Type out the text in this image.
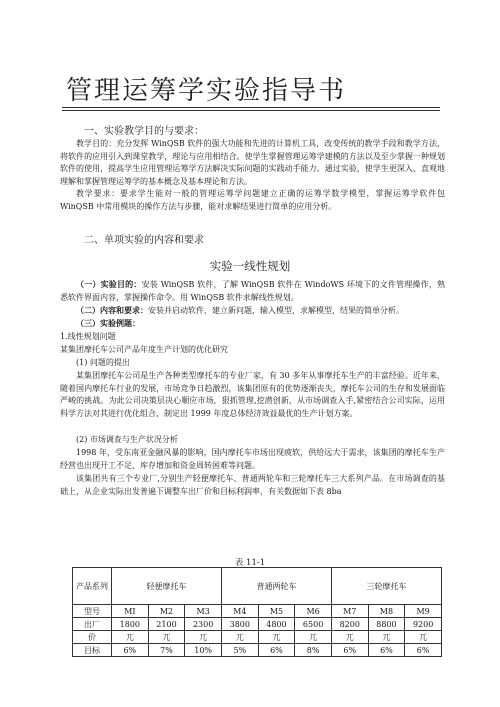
管理运筹学实验指导书

一、实验教学目的与要求：

教学目的：充分发挥 WinQSB 软件的强大功能和先进的计算机工具，改变传统的教学手段和教学方法，将软件的应用引入到课堂教学，理论与应用相结合。使学生掌握管理运筹学建模的方法以及至少掌握一种规划软件的使用，提高学生应用管理运筹学方法解决实际问题的实践动手能力。通过实验，使学生更深入、直观地理解和掌握管理运筹学的基本概念及基本理论和方法。

教学要求：要求学生能对一般的管理运筹学问题建立正确的运筹学数学模型，掌握运筹学软件包 WinQSB 中常用模块的操作方法与步骤，能对求解结果进行简单的应用分析。

二、单项实验的内容和要求

实验一线性规划

（一）实验目的：安装 WinQSB 软件，了解 WinQSB 软件在 WindoWS 环境下的文件管理操作，熟悉软件界面内容，掌握操作命令。用 WinQSB 软件求解线性规划。

（二）内容和要求：安装并启动软件，建立新问题，输入模型，求解模型，结果的简单分析。

（三）实验例题：

1.线性规划问题

某集团摩托车公司产品年度生产计划的优化研究

(1) 问题的提出

某集团摩托车公司是生产各种类型摩托车的专业厂家，有 30 多年从事摩托车生产的丰富经验。近年来，随着国内摩托车行业的发展，市场竞争日趋激烈，该集团原有的优势逐渐丧失，摩托车公司的生存和发展面临严峻的挑战。为此公司决策层决心顺应市场，狠抓管理,挖潜创新，从市场调查入手,紧密结合公司实际，运用科学方法对其进行优化组合，制定出 1999 年度总体经济效益最优的生产计划方案。

(2) 市场调查与生产状况分析

1998 年，受东南亚金融风暴的影响，国内摩托车市场出现疲软，供给远大于需求，该集团的摩托车生产经营也出现开工不足、库存增加和资金周转困难等问题。

该集团共有三个专业厂,分别生产轻便摩托车、普通两轮车和三轮摩托车三大系列产品。在市场调查的基础上，从企业实际出发普遍下调整车出厂价和目标利润率，有关数据如下表 8ba

表 11-1

产品系列	轻便摩托车			普通两轮车			三轮摩托车		
型号	MI	M2	M3	M4	M5	M6	M7	M8	M9
出厂	1800	2100	2300	3800	4800	6500	8200	8800	9200
价	兀	兀	兀	兀	兀	兀	兀	兀	兀
目标	6%	7%	10%	5%	6%	8%	6%	6%	6%
